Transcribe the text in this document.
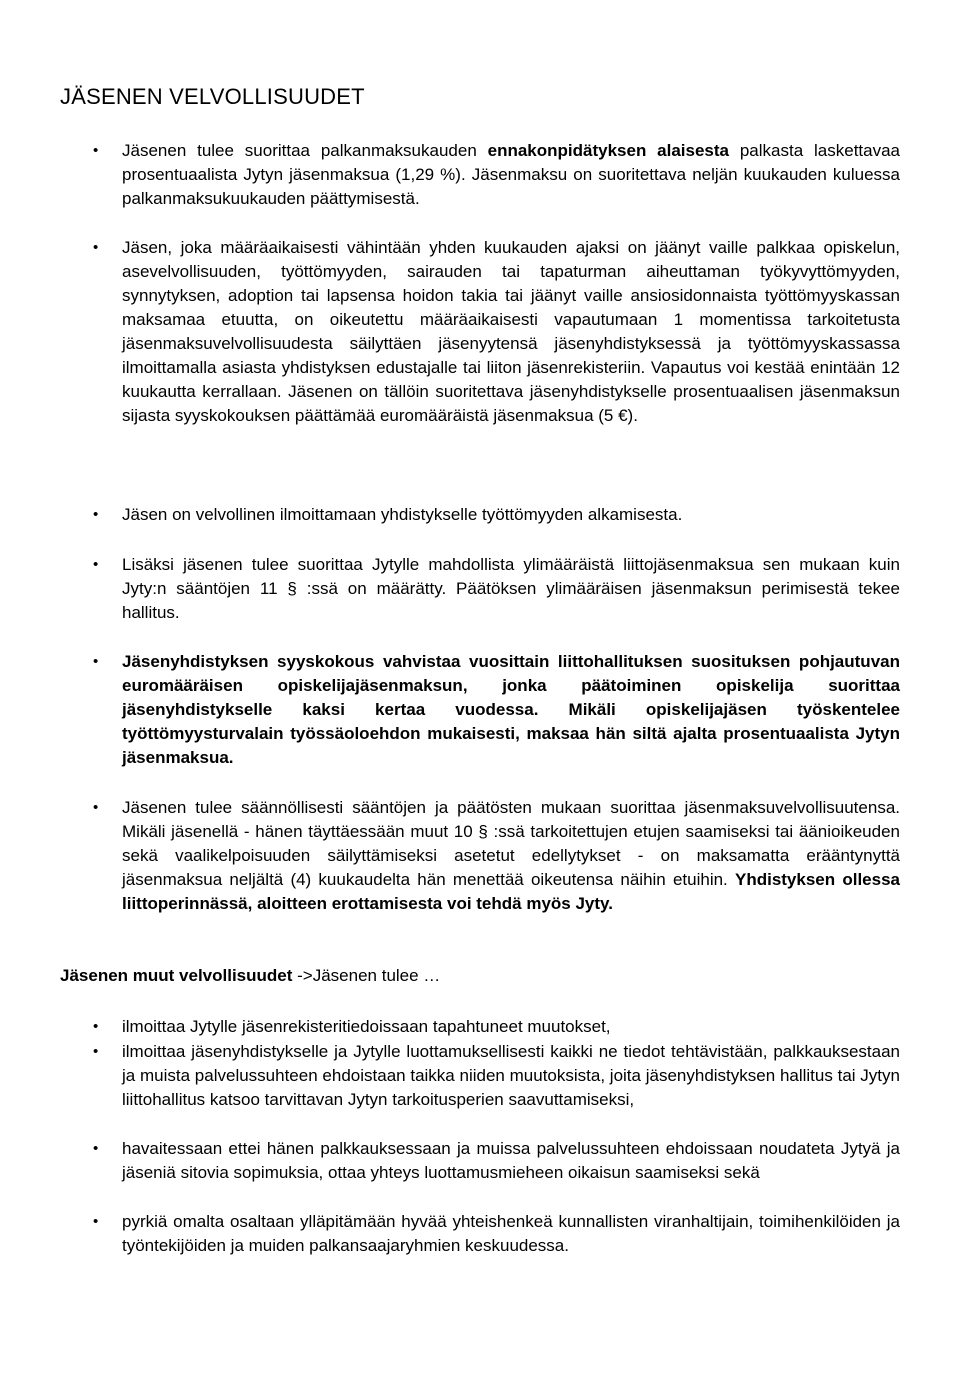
JÄSENEN VELVOLLISUUDET
• Jäsenen tulee suorittaa palkanmaksukauden ennakonpidätyksen alaisesta palkasta laskettavaa prosentuaalista Jytyn jäsenmaksua (1,29 %). Jäsenmaksu on suoritettava neljän kuukauden kuluessa palkanmaksukuukauden päättymisestä.
• Jäsen, joka määräaikaisesti vähintään yhden kuukauden ajaksi on jäänyt vaille palkkaa opiskelun, asevelvollisuuden, työttömyyden, sairauden tai tapaturman aiheuttaman työkyvyttömyyden, synnytyksen, adoption tai lapsensa hoidon takia tai jäänyt vaille ansiosidonnaista työttömyyskassan maksamaa etuutta, on oikeutettu määräaikaisesti vapautumaan 1 momentissa tarkoitetusta jäsenmaksuvelvollisuudesta säilyttäen jäsenyytensä jäsenyhdistyksessä ja työttömyyskassassa ilmoittamalla asiasta yhdistyksen edustajalle tai liiton jäsenrekisteriin. Vapautus voi kestää enintään 12 kuukautta kerrallaan. Jäsenen on tällöin suoritettava jäsenyhdistykselle prosentuaalisen jäsenmaksun sijasta syyskokouksen päättämää euromääräistä jäsenmaksua (5 €).
• Jäsen on velvollinen ilmoittamaan yhdistykselle työttömyyden alkamisesta.
• Lisäksi jäsenen tulee suorittaa Jytylle mahdollista ylimääräistä liittojäsenmaksua sen mukaan kuin Jyty:n sääntöjen 11 § :ssä on määrätty. Päätöksen ylimääräisen jäsenmaksun perimisestä tekee hallitus.
• Jäsenyhdistyksen syyskokous vahvistaa vuosittain liittohallituksen suosituksen pohjautuvan euromääräisen opiskelijajäsenmaksun, jonka päätoiminen opiskelija suorittaa jäsenyhdistykselle kaksi kertaa vuodessa. Mikäli opiskelijajäsen työskentelee työttömyysturvalain työssäoloehdon mukaisesti, maksaa hän siltä ajalta prosentuaalista Jytyn jäsenmaksua.
• Jäsenen tulee säännöllisesti sääntöjen ja päätösten mukaan suorittaa jäsenmaksuvelvollisuutensa. Mikäli jäsenellä - hänen täyttäessään muut 10 § :ssä tarkoitettujen etujen saamiseksi tai äänioikeuden sekä vaalikelpoisuuden säilyttämiseksi asetetut edellytykset - on maksamatta erääntynyttä jäsenmaksua neljältä (4) kuukaudelta hän menettää oikeutensa näihin etuihin. Yhdistyksen ollessa liittoperinnässä, aloitteen erottamisesta voi tehdä myös Jyty.
Jäsenen muut velvollisuudet ->Jäsenen tulee …
• ilmoittaa Jytylle jäsenrekisteritiedoissaan tapahtuneet muutokset,
• ilmoittaa jäsenyhdistykselle ja Jytylle luottamuksellisesti kaikki ne tiedot tehtävistään, palkkauksestaan ja muista palvelussuhteen ehdoistaan taikka niiden muutoksista, joita jäsenyhdistyksen hallitus tai Jytyn liittohallitus katsoo tarvittavan Jytyn tarkoitusperien saavuttamiseksi,
• havaitessaan ettei hänen palkkauksessaan ja muissa palvelussuhteen ehdoissaan noudateta Jytyä ja jäseniä sitovia sopimuksia, ottaa yhteys luottamusmieheen oikaisun saamiseksi sekä
• pyrkiä omalta osaltaan ylläpitämään hyvää yhteishenkeä kunnallisten viranhaltijain, toimihenkilöiden ja työntekijöiden ja muiden palkansaajaryhmien keskuudessa.
